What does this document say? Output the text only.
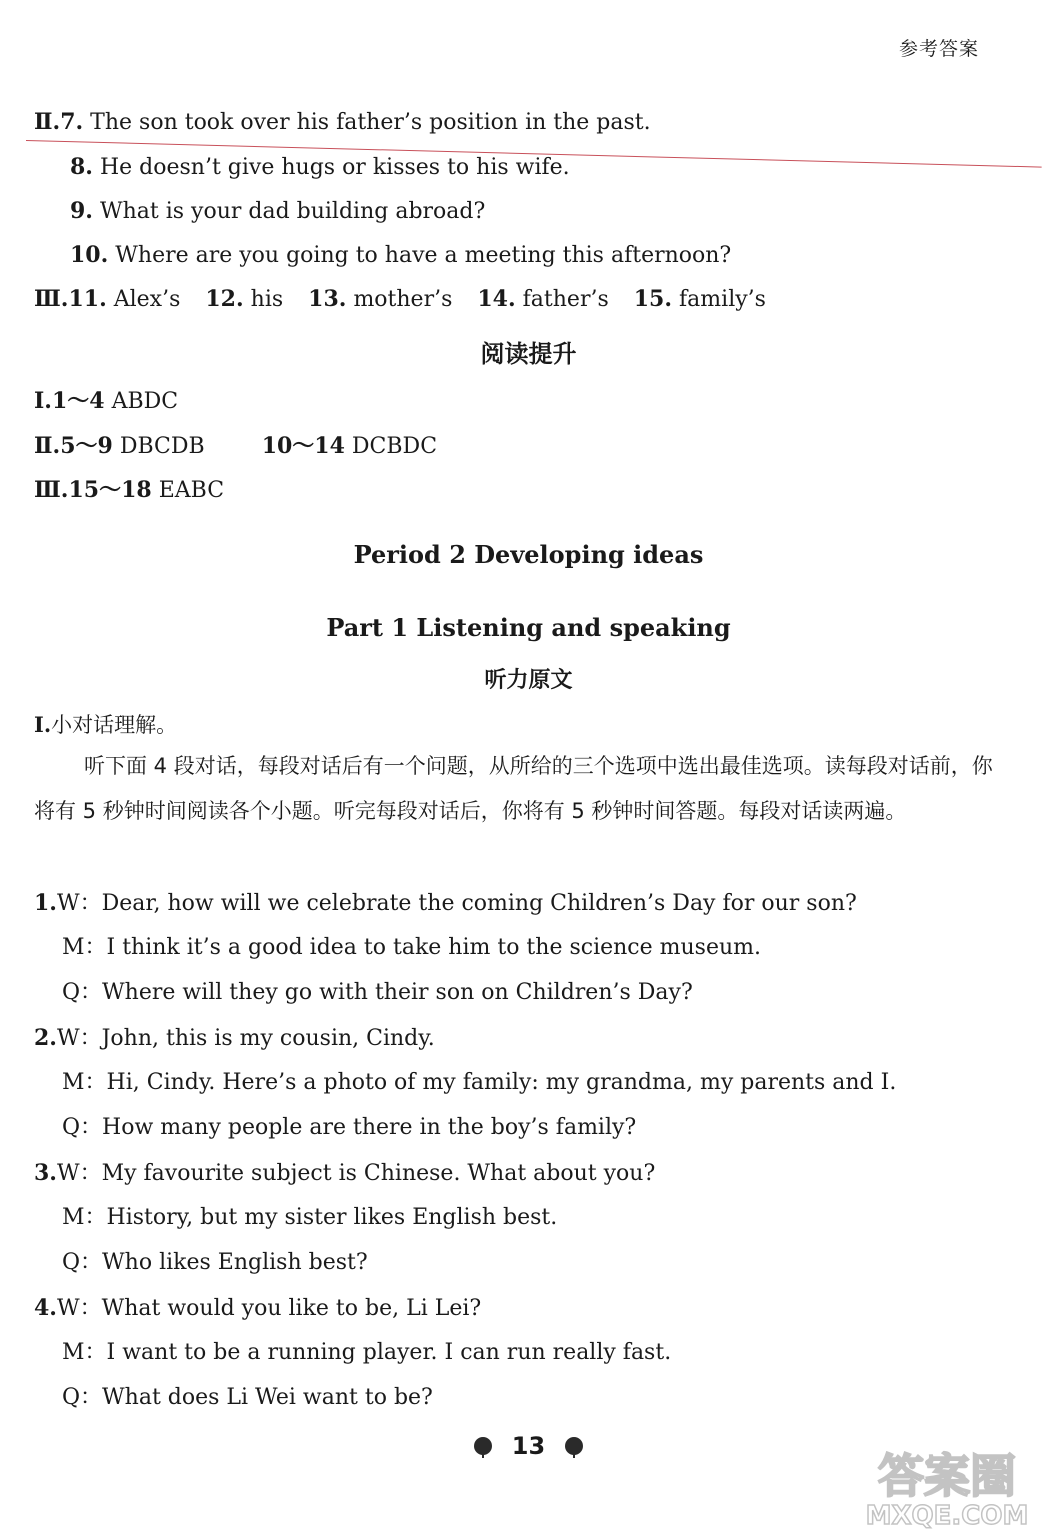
参考答案
Ⅱ.7. The son took over his father’s position in the past.
8. He doesn’t give hugs or kisses to his wife.
9. What is your dad building abroad?
10. Where are you going to have a meeting this afternoon?
Ⅲ.11. Alex’s 12. his 13. mother’s 14. father’s 15. family’s
阅读提升
Ⅰ.1～4 ABDC
Ⅱ.5～9 DBCDB	10～14 DCBDC
Ⅲ.15～18 EABC
Period 2 Developing ideas
Part 1 Listening and speaking
听力原文
Ⅰ.小对话理解。
听下面 4 段对话，每段对话后有一个问题，从所给的三个选项中选出最佳选项。读每段对话前，你将有 5 秒钟时间阅读各个小题。听完每段对话后，你将有 5 秒钟时间答题。每段对话读两遍。
1.W：Dear, how will we celebrate the coming Children’s Day for our son?
M：I think it’s a good idea to take him to the science museum.
Q：Where will they go with their son on Children’s Day?
2.W：John, this is my cousin, Cindy.
M：Hi, Cindy. Here’s a photo of my family: my grandma, my parents and I.
Q：How many people are there in the boy’s family?
3.W：My favourite subject is Chinese. What about you?
M：History, but my sister likes English best.
Q：Who likes English best?
4.W：What would you like to be, Li Lei?
M：I want to be a running player. I can run really fast.
Q：What does Li Wei want to be?
13
答案圈
MXQE.COM
